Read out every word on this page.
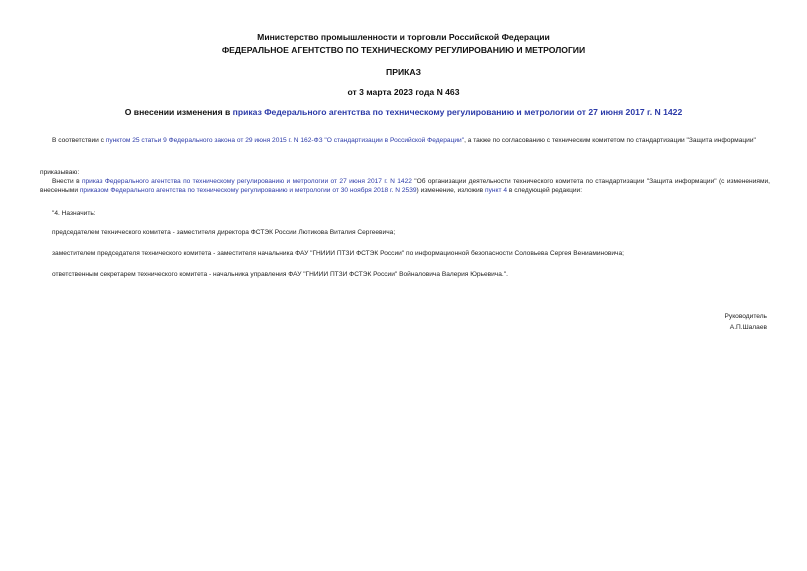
Министерство промышленности и торговли Российской Федерации
ФЕДЕРАЛЬНОЕ АГЕНТСТВО ПО ТЕХНИЧЕСКОМУ РЕГУЛИРОВАНИЮ И МЕТРОЛОГИИ
ПРИКАЗ
от 3 марта 2023 года N 463
О внесении изменения в приказ Федерального агентства по техническому регулированию и метрологии от 27 июня 2017 г. N 1422
В соответствии с пунктом 25 статьи 9 Федерального закона от 29 июня 2015 г. N 162-ФЗ "О стандартизации в Российской Федерации", а также по согласованию с техническим комитетом по стандартизации "Защита информации"
приказываю:
Внести в приказ Федерального агентства по техническому регулированию и метрологии от 27 июня 2017 г. N 1422 "Об организации деятельности технического комитета по стандартизации "Защита информации" (с изменениями, внесенными приказом Федерального агентства по техническому регулированию и метрологии от 30 ноября 2018 г. N 2539) изменение, изложив пункт 4 в следующей редакции:
"4. Назначить:
председателем технического комитета - заместителя директора ФСТЭК России Лютикова Виталия Сергеевича;
заместителем председателя технического комитета - заместителя начальника ФАУ "ГНИИИ ПТЗИ ФСТЭК России" по информационной безопасности Соловьева Сергея Вениаминовича;
ответственным секретарем технического комитета - начальника управления ФАУ "ГНИИИ ПТЗИ ФСТЭК России" Войналовича Валерия Юрьевича.".
Руководитель
А.П.Шалаев
